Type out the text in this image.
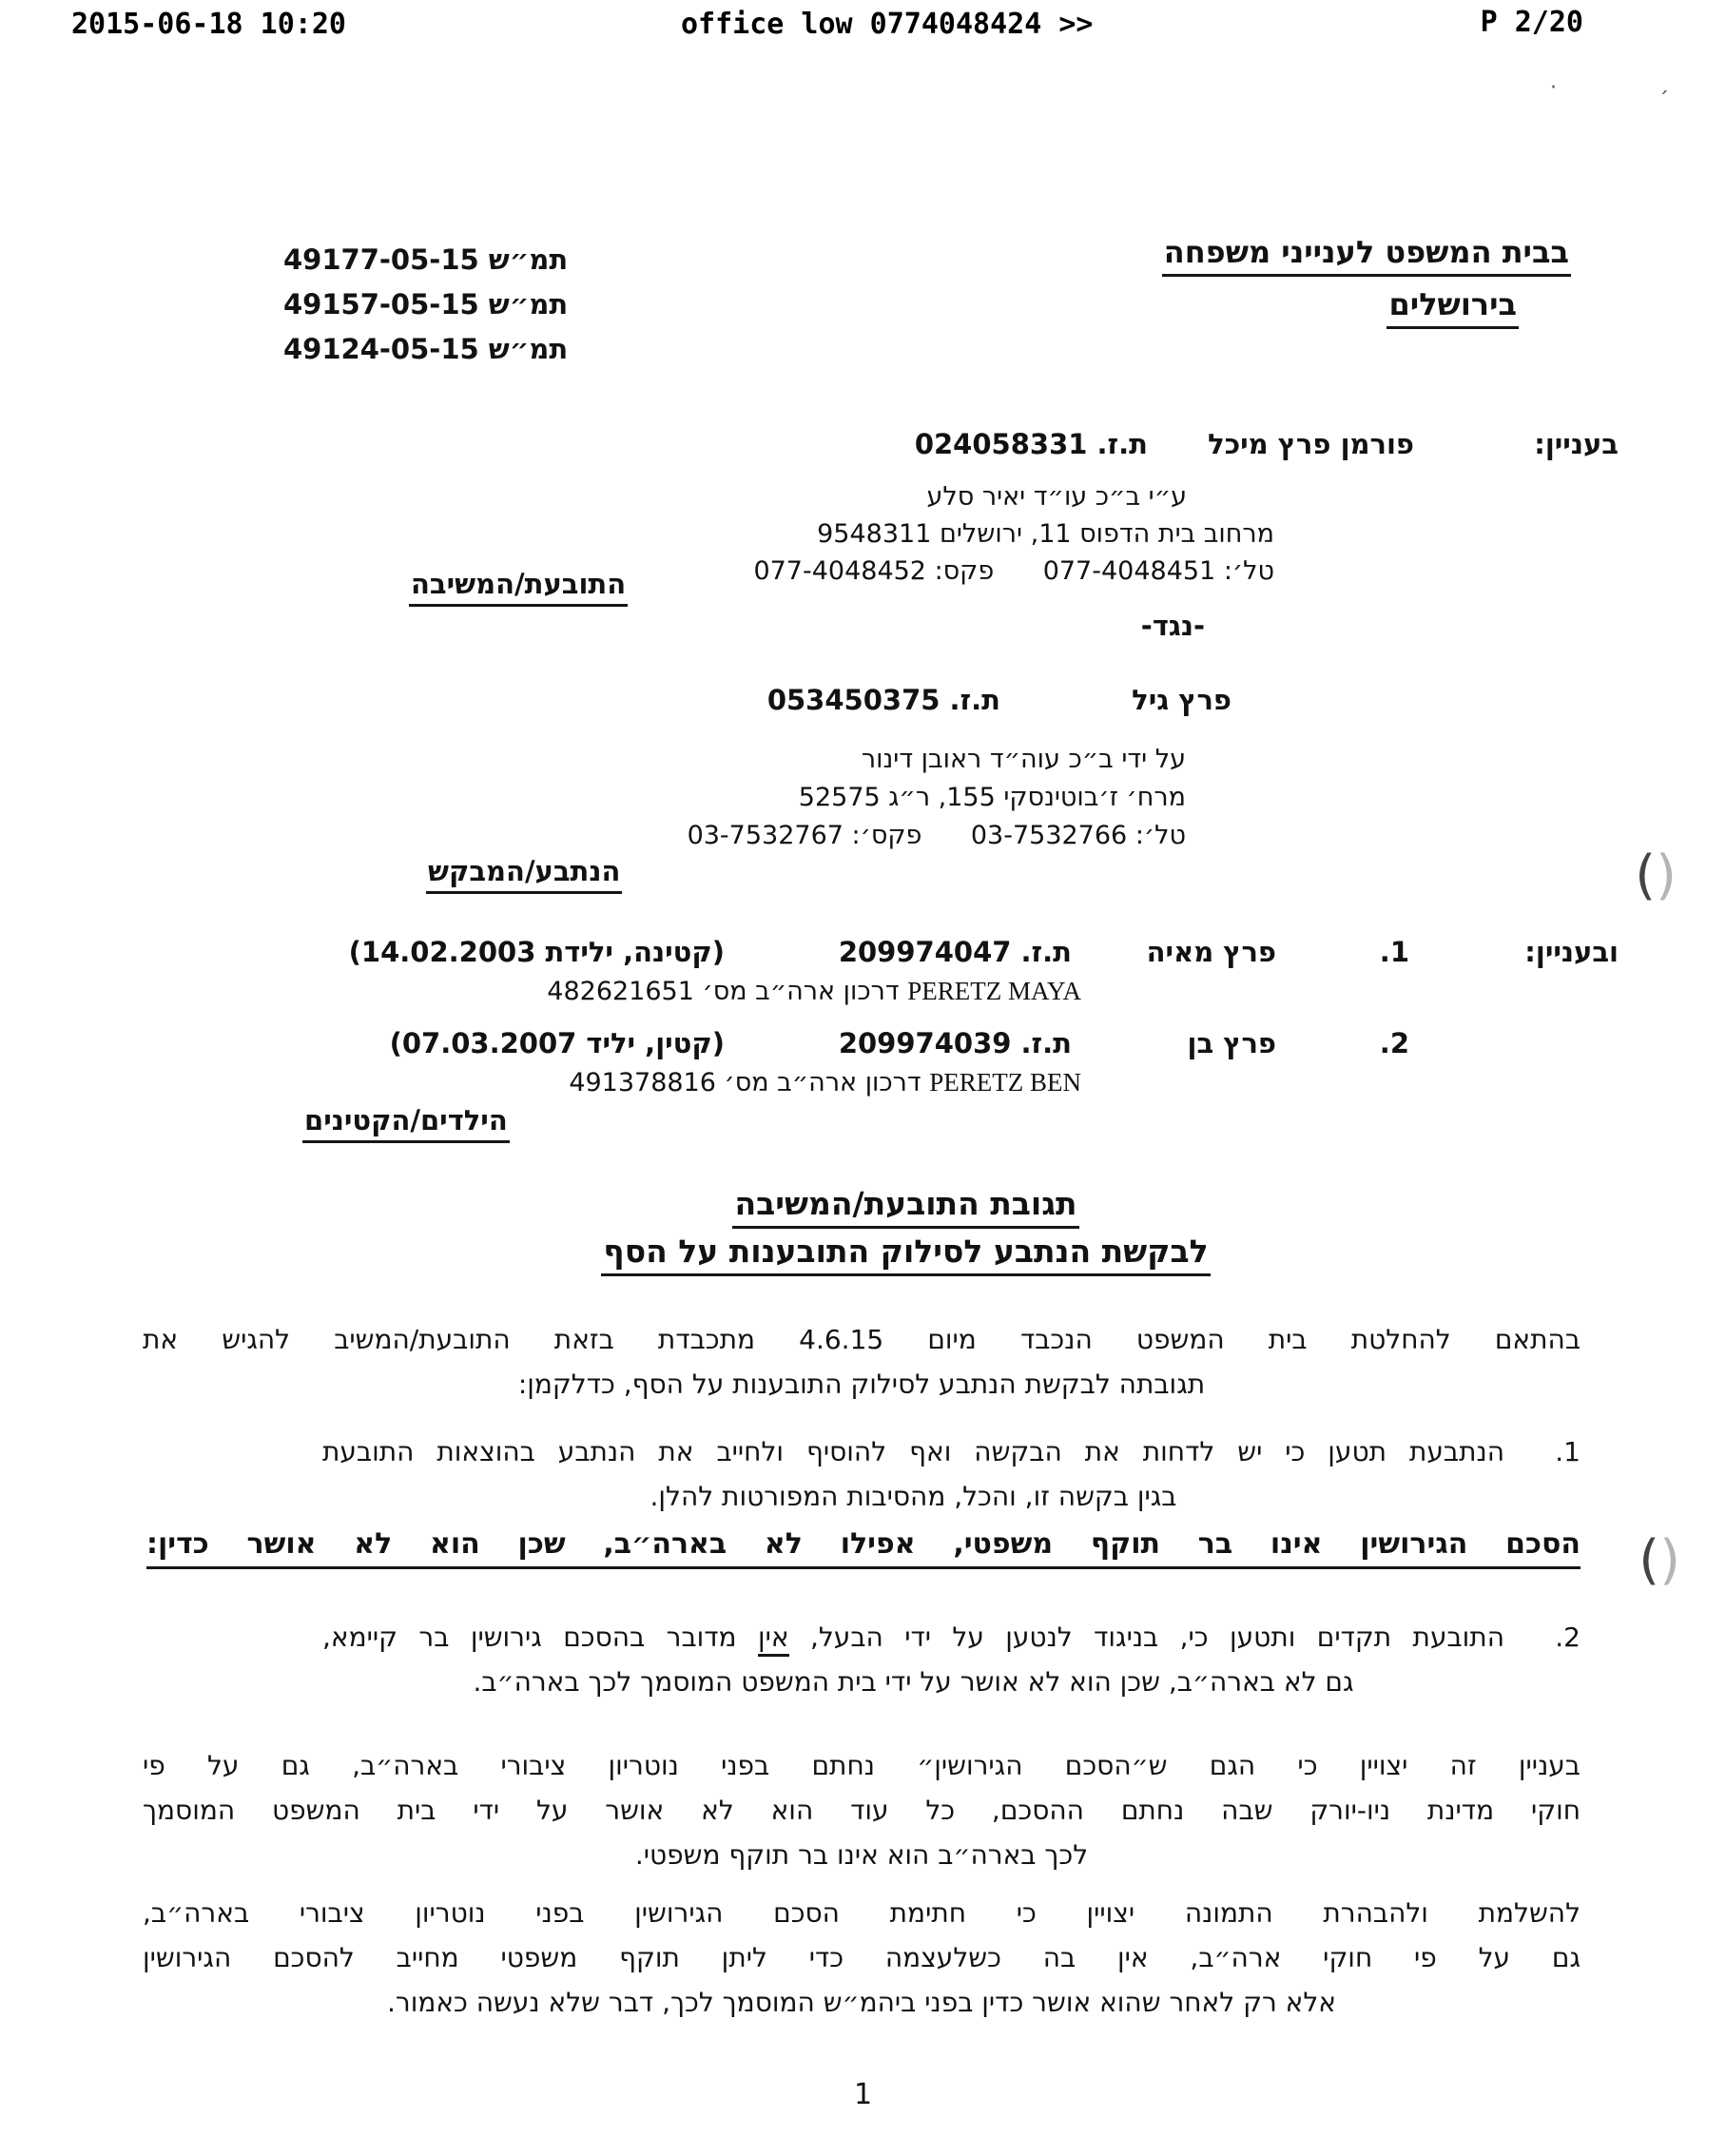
2015-06-18 10:20	office low 0774048424 >>	P 2/20
·	׳
תמ״ש 49177-05-15
תמ״ש 49157-05-15
תמ״ש 49124-05-15
בבית המשפט לענייני משפחה
בירושלים
בעניין:
פורמן פרץ מיכל
ת.ז. 024058331
ע״י ב״כ עו״ד יאיר סלע
מרחוב בית הדפוס 11, ירושלים 9548311
טל׳: 077-4048451      פקס: 077-4048452
התובעת/המשיבה
-נגד-
פרץ גיל
ת.ז. 053450375
על ידי ב״כ עוה״ד ראובן דינור
מרח׳ ז׳בוטינסקי 155, ר״ג 52575
טל׳: 03-7532766      פקס׳: 03-7532767
הנתבע/המבקש	()
ובעניין:
1.
פרץ מאיה
ת.ז. 209974047
(קטינה, ילידת 14.02.2003)
PERETZ MAYA דרכון ארה״ב מס׳ 482621651
2.
פרץ בן
ת.ז. 209974039
(קטין, יליד 07.03.2007)
PERETZ BEN דרכון ארה״ב מס׳ 491378816
הילדים/הקטינים
תגובת התובעת/המשיבה
לבקשת הנתבע לסילוק התובענות על הסף
בהתאם להחלטת בית המשפט הנכבד מיום 4.6.15 מתכבדת בזאת התובעת/המשיב להגיש את
תגובתה לבקשת הנתבע לסילוק התובענות על הסף, כדלקמן:
1.
הנתבעת תטען כי יש לדחות את הבקשה ואף להוסיף ולחייב את הנתבע בהוצאות התובעת
בגין בקשה זו, והכל, מהסיבות המפורטות להלן.
הסכם הגירושין אינו בר תוקף משפטי, אפילו לא בארה״ב, שכן הוא לא אושר כדין: ()
2.
התובעת תקדים ותטען כי, בניגוד לנטען על ידי הבעל, אין מדובר בהסכם גירושין בר קיימא,
גם לא בארה״ב, שכן הוא לא אושר על ידי בית המשפט המוסמך לכך בארה״ב.
בעניין זה יצויין כי הגם ש״הסכם הגירושין״ נחתם בפני נוטריון ציבורי בארה״ב, גם על פי
חוקי מדינת ניו-יורק שבה נחתם ההסכם, כל עוד הוא לא אושר על ידי בית המשפט המוסמך
לכך בארה״ב הוא אינו בר תוקף משפטי.
להשלמת ולהבהרת התמונה יצויין כי חתימת הסכם הגירושין בפני נוטריון ציבורי בארה״ב,
גם על פי חוקי ארה״ב, אין בה כשלעצמה כדי ליתן תוקף משפטי מחייב להסכם הגירושין
אלא רק לאחר שהוא אושר כדין בפני ביהמ״ש המוסמך לכך, דבר שלא נעשה כאמור.
1
